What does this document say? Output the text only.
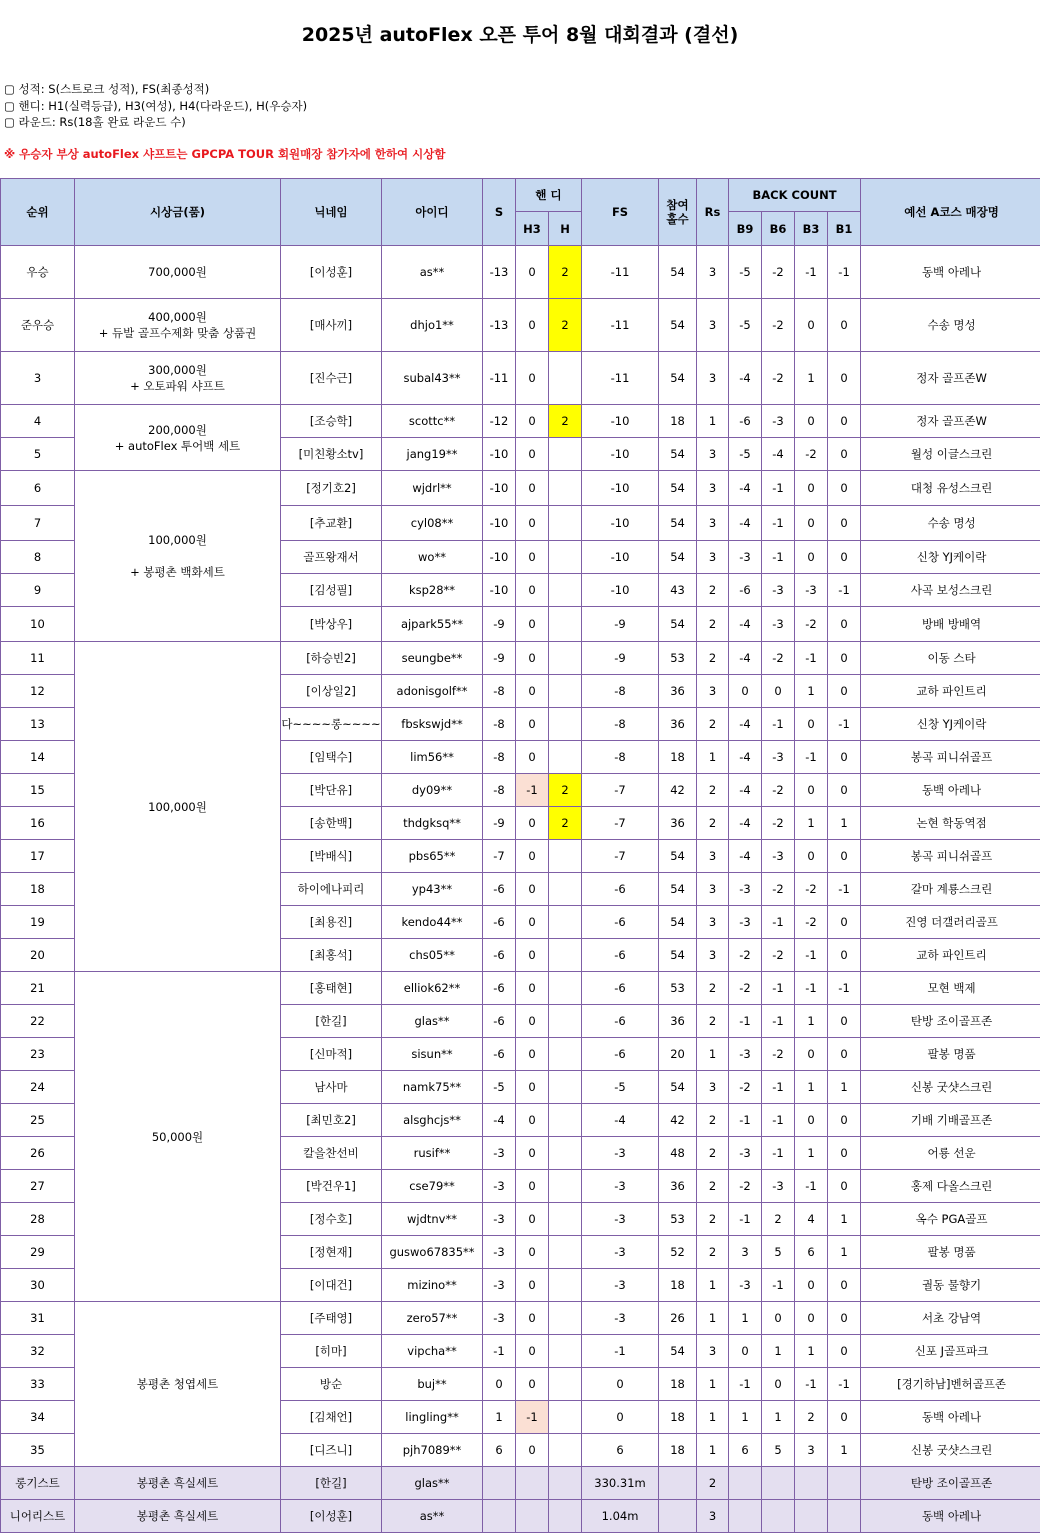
2025년 autoFlex 오픈 투어 8월 대회결과 (결선)
▢ 성적: S(스트로크 성적), FS(최종성적)
▢ 핸디: H1(실력등급), H3(여성), H4(다라운드), H(우승자)
▢ 라운드: Rs(18홀 완료 라운드 수)
※ 우승자 부상 autoFlex 샤프트는 GPCPA TOUR 회원매장 참가자에 한하여 시상함
순위	시상금(품)	닉네임	아이디	S	핸 디		FS	참여
홀수	Rs	BACK COUNT				예선 A코스 매장명
					H3	H				B9	B6	B3	B1	
우승	700,000원	[이성훈]	as**	-13	0	2	-11	54	3	-5	-2	-1	-1	동백 아레나
준우승	400,000원
+ 듀발 골프수제화 맞춤 상품권	[매사끼]	dhjo1**	-13	0	2	-11	54	3	-5	-2	0	0	수송 명성
3	300,000원
+ 오토파워 샤프트	[진수근]	subal43**	-11	0		-11	54	3	-4	-2	1	0	정자 골프존W
4	200,000원
+ autoFlex 투어백 세트	[조승학]	scottc**	-12	0	2	-10	18	1	-6	-3	0	0	정자 골프존W
5		[미친황소tv]	jang19**	-10	0		-10	54	3	-5	-4	-2	0	월성 이글스크린
6	100,000원
+ 봉평촌 백화세트	[정기호2]	wjdrl**	-10	0		-10	54	3	-4	-1	0	0	대청 유성스크린
7		[추교환]	cyl08**	-10	0		-10	54	3	-4	-1	0	0	수송 명성
8		골프왕재서	wo**	-10	0		-10	54	3	-3	-1	0	0	신창 YJ케이락
9		[김성필]	ksp28**	-10	0		-10	43	2	-6	-3	-3	-1	사곡 보성스크린
10		[박상우]	ajpark55**	-9	0		-9	54	2	-4	-3	-2	0	방배 방배역
11	100,000원	[하승빈2]	seungbe**	-9	0		-9	53	2	-4	-2	-1	0	이동 스타
12		[이상일2]	adonisgolf**	-8	0		-8	36	3	0	0	1	0	교하 파인트리
13		다~~~~롱~~~~	fbskswjd**	-8	0		-8	36	2	-4	-1	0	-1	신창 YJ케이락
14		[임택수]	lim56**	-8	0		-8	18	1	-4	-3	-1	0	봉곡 피니쉬골프
15		[박단유]	dy09**	-8	-1	2	-7	42	2	-4	-2	0	0	동백 아레나
16		[송한백]	thdgksq**	-9	0	2	-7	36	2	-4	-2	1	1	논현 학동역점
17		[박배식]	pbs65**	-7	0		-7	54	3	-4	-3	0	0	봉곡 피니쉬골프
18		하이에나피리	yp43**	-6	0		-6	54	3	-3	-2	-2	-1	갈마 계룡스크린
19		[최용진]	kendo44**	-6	0		-6	54	3	-3	-1	-2	0	진영 더갤러리골프
20		[최홍석]	chs05**	-6	0		-6	54	3	-2	-2	-1	0	교하 파인트리
21	50,000원	[홍태현]	elliok62**	-6	0		-6	53	2	-2	-1	-1	-1	모현 백제
22		[한길]	glas**	-6	0		-6	36	2	-1	-1	1	0	탄방 조이골프존
23		[신마적]	sisun**	-6	0		-6	20	1	-3	-2	0	0	팔봉 명품
24		남사마	namk75**	-5	0		-5	54	3	-2	-1	1	1	신봉 굿샷스크린
25		[최민호2]	alsghcjs**	-4	0		-4	42	2	-1	-1	0	0	기배 기배골프존
26		칼을찬선비	rusif**	-3	0		-3	48	2	-3	-1	1	0	어룡 선운
27		[박건우1]	cse79**	-3	0		-3	36	2	-2	-3	-1	0	홍제 다올스크린
28		[정수호]	wjdtnv**	-3	0		-3	53	2	-1	2	4	1	옥수 PGA골프
29		[정현재]	guswo67835**	-3	0		-3	52	2	3	5	6	1	팔봉 명품
30		[이대건]	mizino**	-3	0		-3	18	1	-3	-1	0	0	궐동 물향기
31	봉평촌 청엽세트	[주태영]	zero57**	-3	0		-3	26	1	1	0	0	0	서초 강남역
32		[히마]	vipcha**	-1	0		-1	54	3	0	1	1	0	신포 J골프파크
33		방순	buj**	0	0		0	18	1	-1	0	-1	-1	[경기하남]벤허골프존
34		[김채언]	lingling**	1	-1		0	18	1	1	1	2	0	동백 아레나
35		[디즈니]	pjh7089**	6	0		6	18	1	6	5	3	1	신봉 굿샷스크린
롱기스트	봉평촌 흑실세트	[한길]	glas**				330.31m		2					탄방 조이골프존
니어리스트	봉평촌 흑실세트	[이성훈]	as**				1.04m		3					동백 아레나
